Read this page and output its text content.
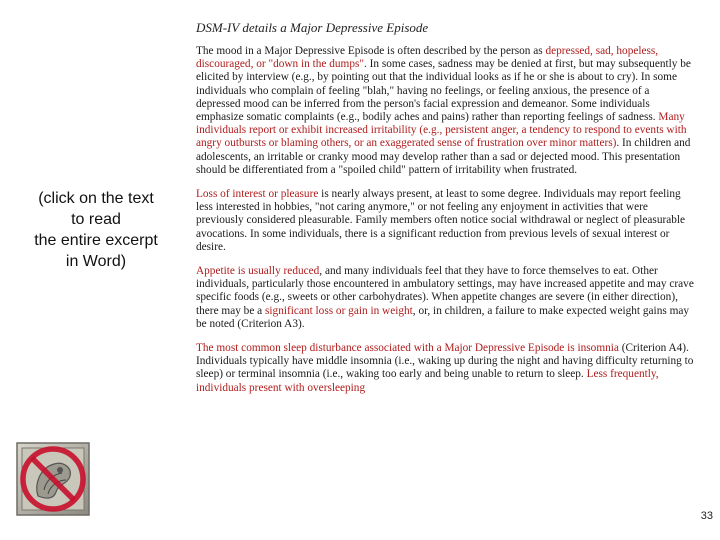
(click on the text
to read
the entire excerpt
in Word)
DSM-IV details a Major Depressive Episode

The mood in a Major Depressive Episode is often described by the person as depressed, sad, hopeless, discouraged, or "down in the dumps". In some cases, sadness may be denied at first, but may subsequently be elicited by interview (e.g., by pointing out that the individual looks as if he or she is about to cry). In some individuals who complain of feeling "blah," having no feelings, or feeling anxious, the presence of a depressed mood can be inferred from the person's facial expression and demeanor. Some individuals emphasize somatic complaints (e.g., bodily aches and pains) rather than reporting feelings of sadness. Many individuals report or exhibit increased irritability (e.g., persistent anger, a tendency to respond to events with angry outbursts or blaming others, or an exaggerated sense of frustration over minor matters). In children and adolescents, an irritable or cranky mood may develop rather than a sad or dejected mood. This presentation should be differentiated from a "spoiled child" pattern of irritability when frustrated.

Loss of interest or pleasure is nearly always present, at least to some degree. Individuals may report feeling less interested in hobbies, "not caring anymore," or not feeling any enjoyment in activities that were previously considered pleasurable. Family members often notice social withdrawal or neglect of pleasurable avocations. In some individuals, there is a significant reduction from previous levels of sexual interest or desire.

Appetite is usually reduced, and many individuals feel that they have to force themselves to eat. Other individuals, particularly those encountered in ambulatory settings, may have increased appetite and may crave specific foods (e.g., sweets or other carbohydrates). When appetite changes are severe (in either direction), there may be a significant loss or gain in weight, or, in children, a failure to make expected weight gains may be noted (Criterion A3).

The most common sleep disturbance associated with a Major Depressive Episode is insomnia (Criterion A4). Individuals typically have middle insomnia (i.e., waking up during the night and having difficulty returning to sleep) or terminal insomnia (i.e., waking too early and being unable to return to sleep. Less frequently, individuals present with oversleeping

33
